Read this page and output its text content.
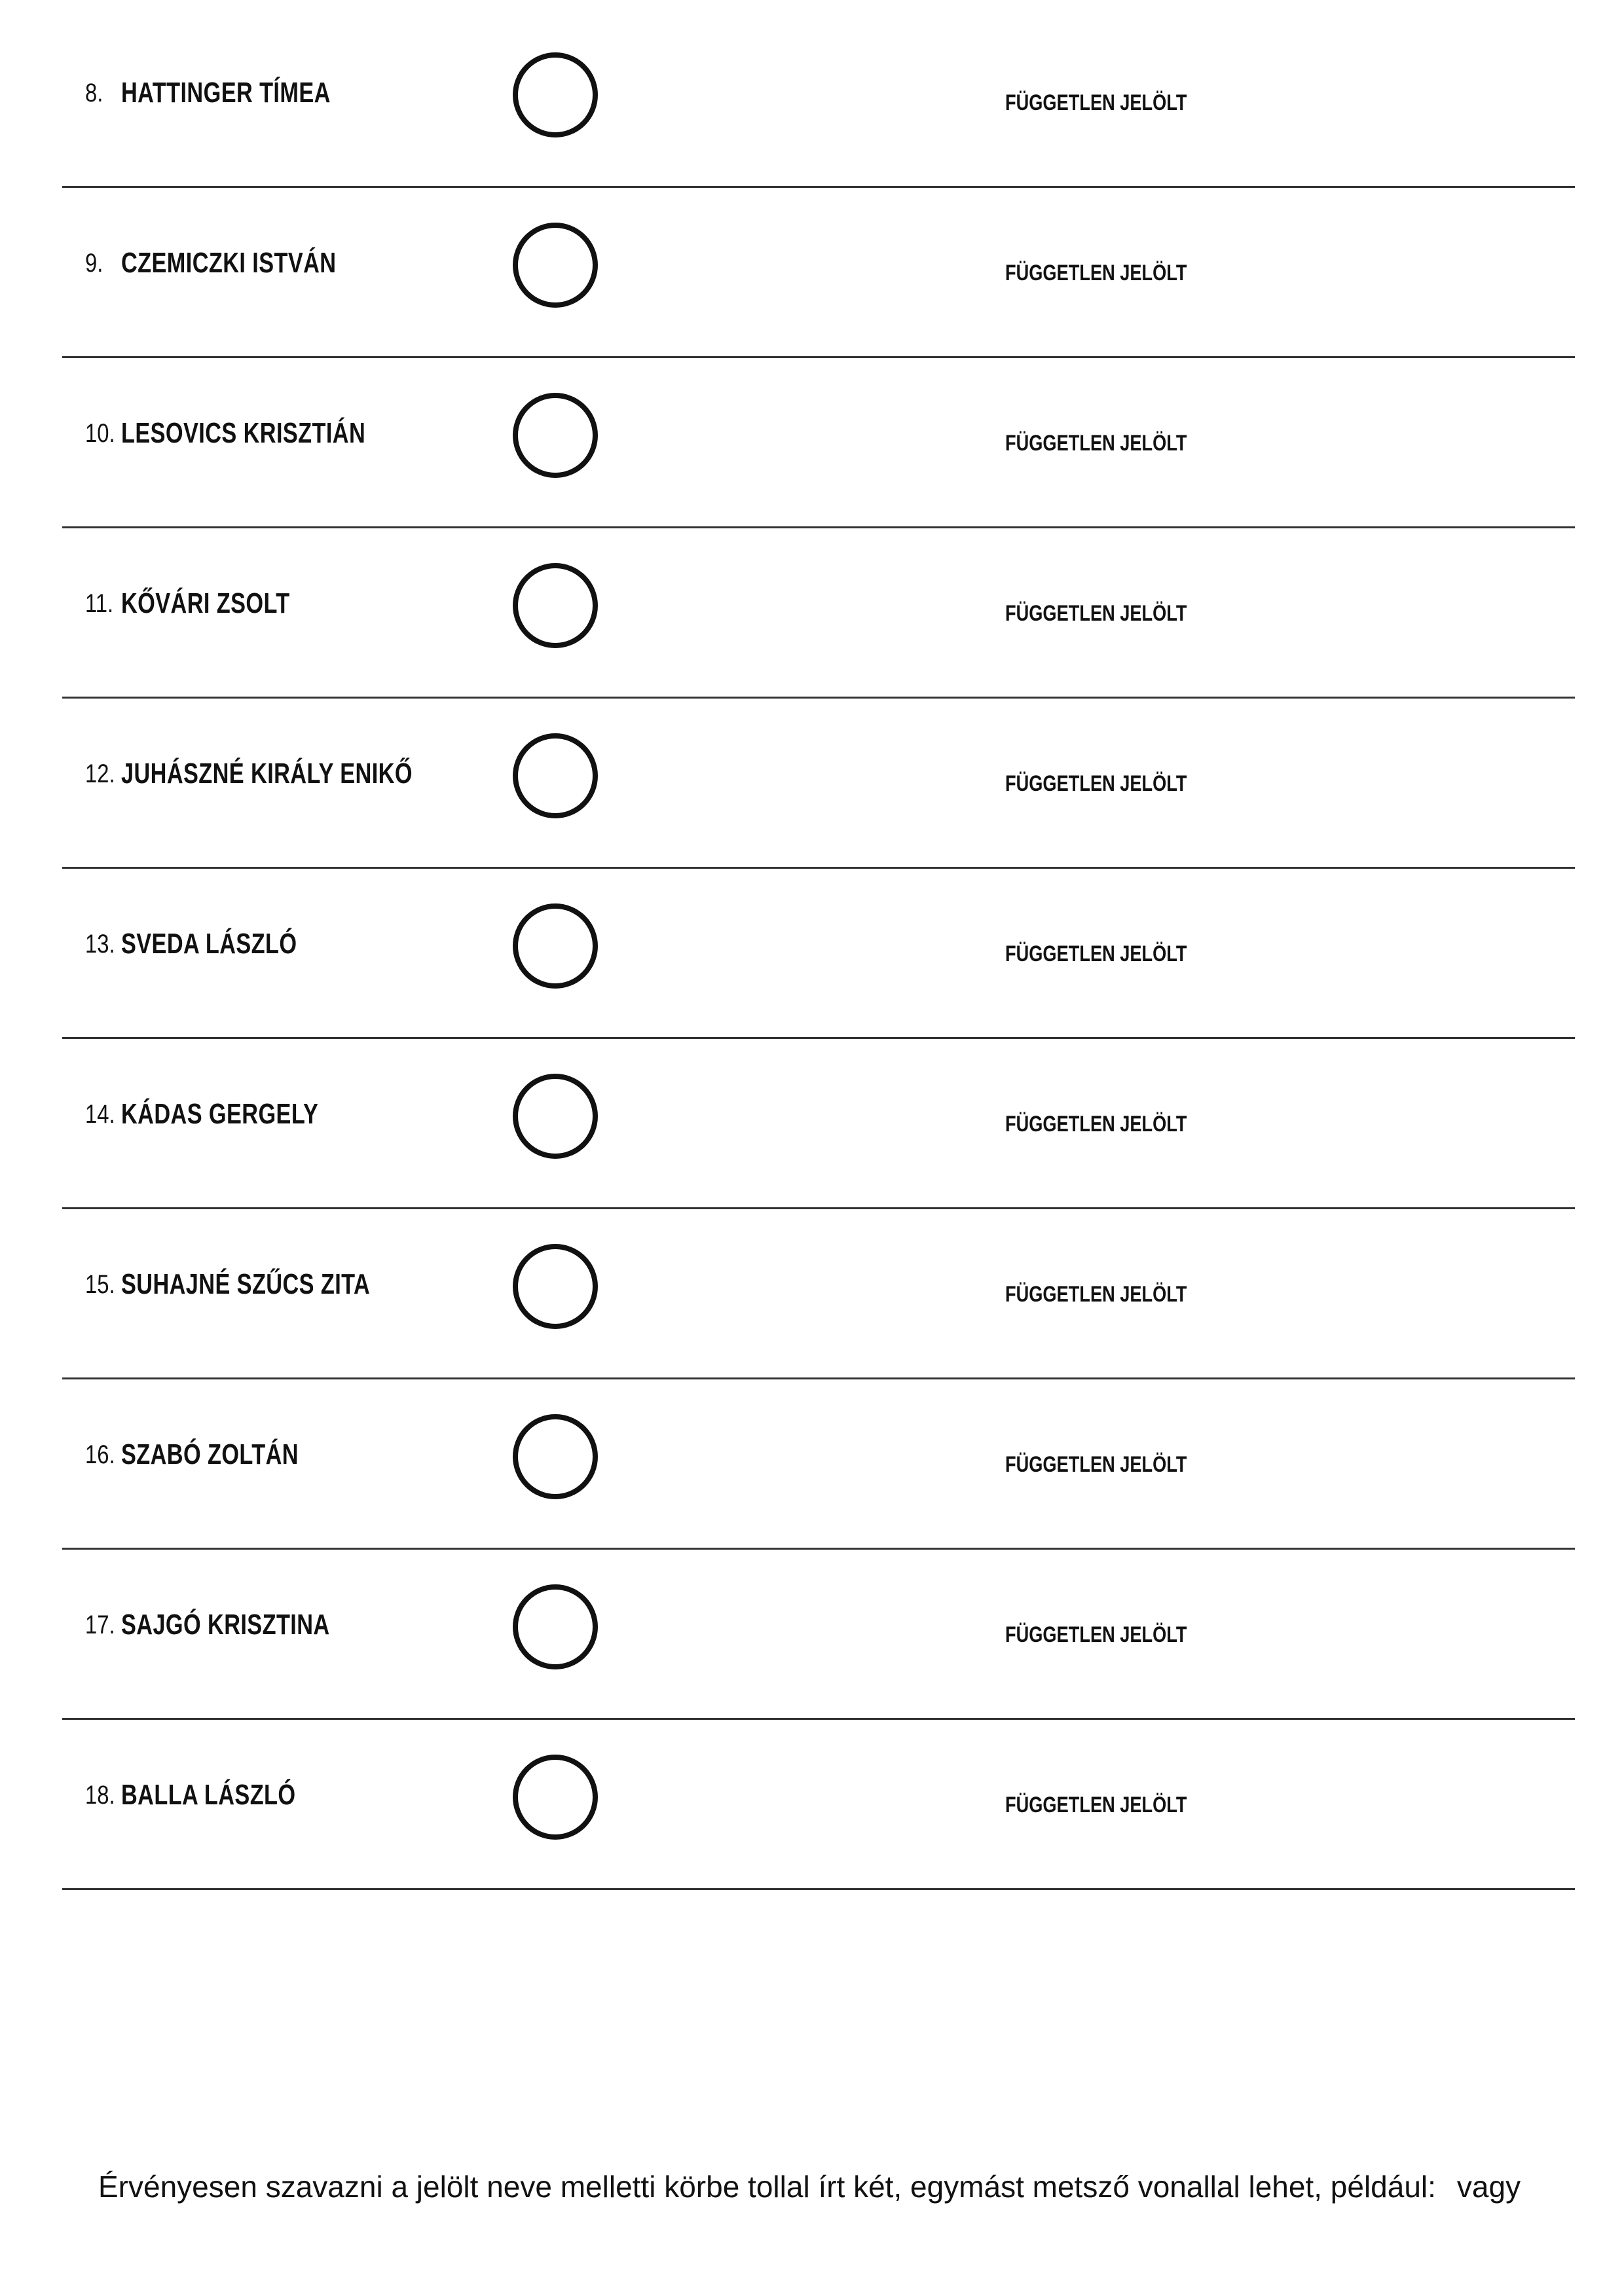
8. HATTINGER TÍMEA	FÜGGETLEN JELÖLT
9. CZEMICZKI ISTVÁN	FÜGGETLEN JELÖLT
10. LESOVICS KRISZTIÁN	FÜGGETLEN JELÖLT
11. KŐVÁRI ZSOLT	FÜGGETLEN JELÖLT
12. JUHÁSZNÉ KIRÁLY ENIKŐ	FÜGGETLEN JELÖLT
13. SVEDA LÁSZLÓ	FÜGGETLEN JELÖLT
14. KÁDAS GERGELY	FÜGGETLEN JELÖLT
15. SUHAJNÉ SZŰCS ZITA	FÜGGETLEN JELÖLT
16. SZABÓ ZOLTÁN	FÜGGETLEN JELÖLT
17. SAJGÓ KRISZTINA	FÜGGETLEN JELÖLT
18. BALLA LÁSZLÓ	FÜGGETLEN JELÖLT
Érvényesen szavazni a jelölt neve melletti körbe tollal írt két, egymást metsző vonallal lehet, például: vagy
